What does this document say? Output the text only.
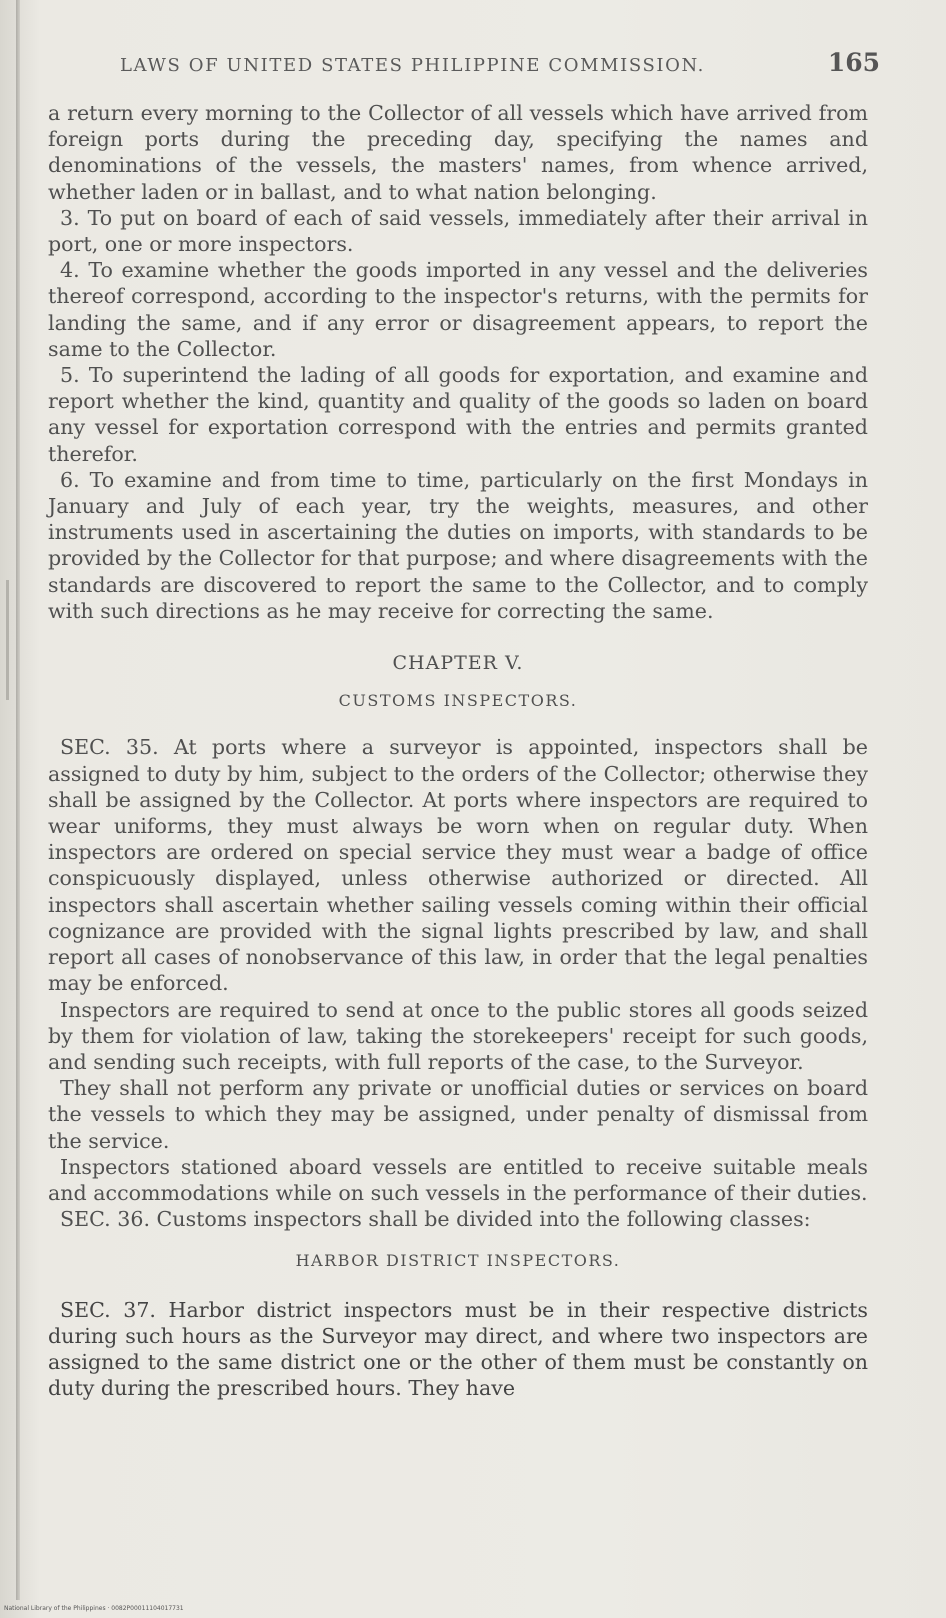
LAWS OF UNITED STATES PHILIPPINE COMMISSION.	165

a return every morning to the Collector of all vessels which have arrived from foreign ports during the preceding day, specifying the names and denominations of the vessels, the masters' names, from whence arrived, whether laden or in ballast, and to what nation belonging.

3. To put on board of each of said vessels, immediately after their arrival in port, one or more inspectors.

4. To examine whether the goods imported in any vessel and the deliveries thereof correspond, according to the inspector's returns, with the permits for landing the same, and if any error or disagreement appears, to report the same to the Collector.

5. To superintend the lading of all goods for exportation, and examine and report whether the kind, quantity and quality of the goods so laden on board any vessel for exportation correspond with the entries and permits granted therefor.

6. To examine and from time to time, particularly on the first Mondays in January and July of each year, try the weights, measures, and other instruments used in ascertaining the duties on imports, with standards to be provided by the Collector for that purpose; and where disagreements with the standards are discovered to report the same to the Collector, and to comply with such directions as he may receive for correcting the same.

CHAPTER V.

CUSTOMS INSPECTORS.

SEC. 35. At ports where a surveyor is appointed, inspectors shall be assigned to duty by him, subject to the orders of the Collector; otherwise they shall be assigned by the Collector. At ports where inspectors are required to wear uniforms, they must always be worn when on regular duty. When inspectors are ordered on special service they must wear a badge of office conspicuously displayed, unless otherwise authorized or directed. All inspectors shall ascertain whether sailing vessels coming within their official cognizance are provided with the signal lights prescribed by law, and shall report all cases of nonobservance of this law, in order that the legal penalties may be enforced.

Inspectors are required to send at once to the public stores all goods seized by them for violation of law, taking the storekeepers' receipt for such goods, and sending such receipts, with full reports of the case, to the Surveyor.

They shall not perform any private or unofficial duties or services on board the vessels to which they may be assigned, under penalty of dismissal from the service.

Inspectors stationed aboard vessels are entitled to receive suitable meals and accommodations while on such vessels in the performance of their duties.

SEC. 36. Customs inspectors shall be divided into the following classes:

HARBOR DISTRICT INSPECTORS.

SEC. 37. Harbor district inspectors must be in their respective districts during such hours as the Surveyor may direct, and where two inspectors are assigned to the same district one or the other of them must be constantly on duty during the prescribed hours. They have

National Library of the Philippines · 0082P00011104017731
